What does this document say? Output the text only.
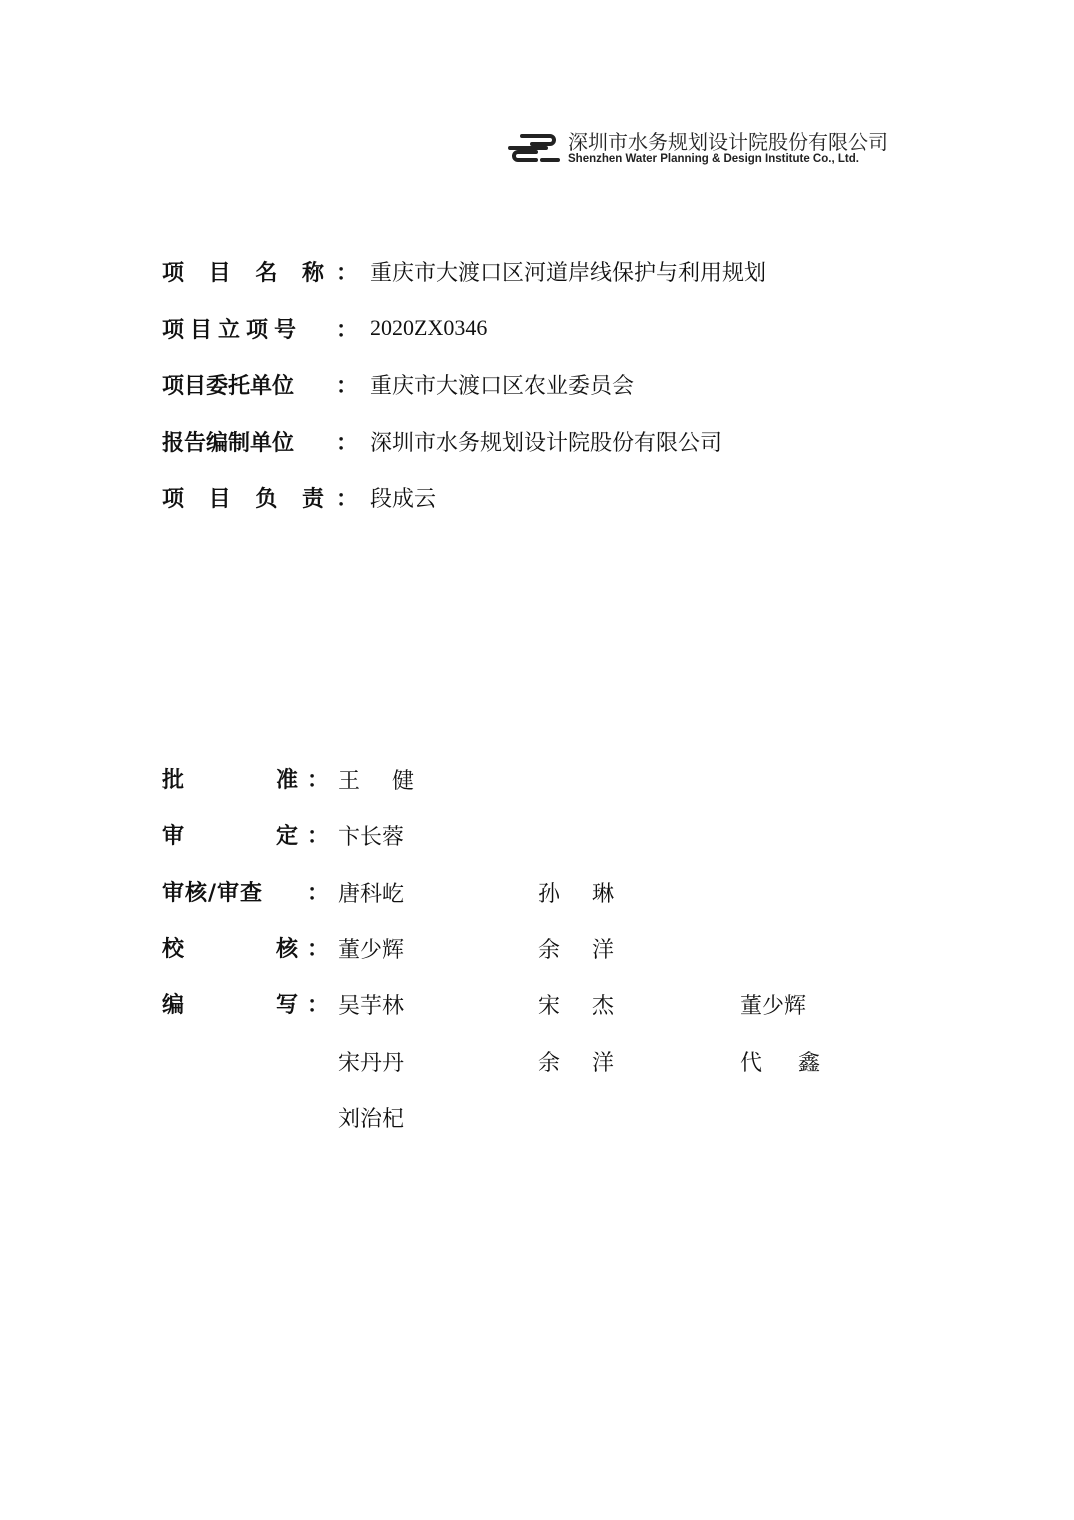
深圳市水务规划设计院股份有限公司
Shenzhen Water Planning & Design Institute Co., Ltd.
项 目 名 称 ： 重庆市大渡口区河道岸线保护与利用规划
项目立项号	： 2020ZX0346
项目委托单位	： 重庆市大渡口区农业委员会
报告编制单位	： 深圳市水务规划设计院股份有限公司
项 目 负 责 ： 段成云
批	准 ： 王 健
审	定 ： 卞长蓉
审核/审查	： 唐科屹	孙 琳
校	核 ： 董少辉	余 洋
编	写 ： 吴芋林	宋 杰	董少辉
宋丹丹	余 洋	代 鑫
刘治杞
